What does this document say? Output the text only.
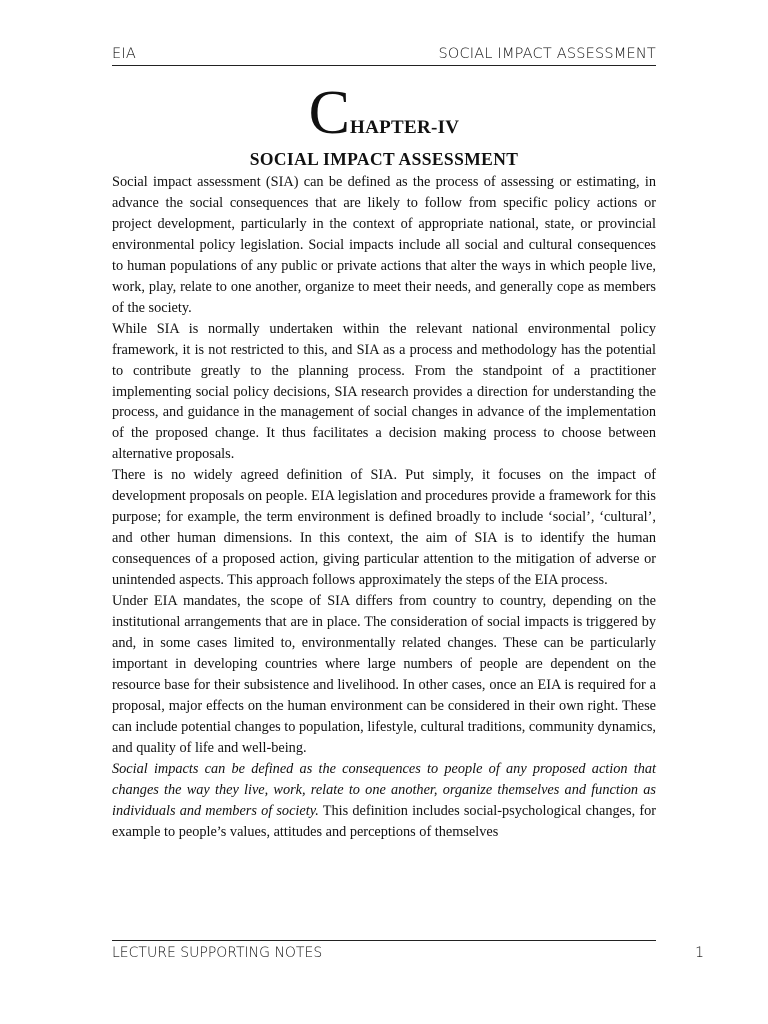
EIA	SOCIAL IMPACT ASSESSMENT
CHAPTER-IV
SOCIAL IMPACT ASSESSMENT

Social impact assessment (SIA) can be defined as the process of assessing or estimating, in advance the social consequences that are likely to follow from specific policy actions or project development, particularly in the context of appropriate national, state, or provincial environmental policy legislation. Social impacts include all social and cultural consequences to human populations of any public or private actions that alter the ways in which people live, work, play, relate to one another, organize to meet their needs, and generally cope as members of the society.

While SIA is normally undertaken within the relevant national environmental policy framework, it is not restricted to this, and SIA as a process and methodology has the potential to contribute greatly to the planning process. From the standpoint of a practitioner implementing social policy decisions, SIA research provides a direction for understanding the process, and guidance in the management of social changes in advance of the implementation of the proposed change. It thus facilitates a decision making process to choose between alternative proposals.

There is no widely agreed definition of SIA. Put simply, it focuses on the impact of development proposals on people. EIA legislation and procedures provide a framework for this purpose; for example, the term environment is defined broadly to include ‘social’, ‘cultural’, and other human dimensions. In this context, the aim of SIA is to identify the human consequences of a proposed action, giving particular attention to the mitigation of adverse or unintended aspects. This approach follows approximately the steps of the EIA process.

Under EIA mandates, the scope of SIA differs from country to country, depending on the institutional arrangements that are in place. The consideration of social impacts is triggered by and, in some cases limited to, environmentally related changes. These can be particularly important in developing countries where large numbers of people are dependent on the resource base for their subsistence and livelihood. In other cases, once an EIA is required for a proposal, major effects on the human environment can be considered in their own right. These can include potential changes to population, lifestyle, cultural traditions, community dynamics, and quality of life and well-being.

Social impacts can be defined as the consequences to people of any proposed action that changes the way they live, work, relate to one another, organize themselves and function as individuals and members of society. This definition includes social-psychological changes, for example to people’s values, attitudes and perceptions of themselves

LECTURE SUPPORTING NOTES	1
